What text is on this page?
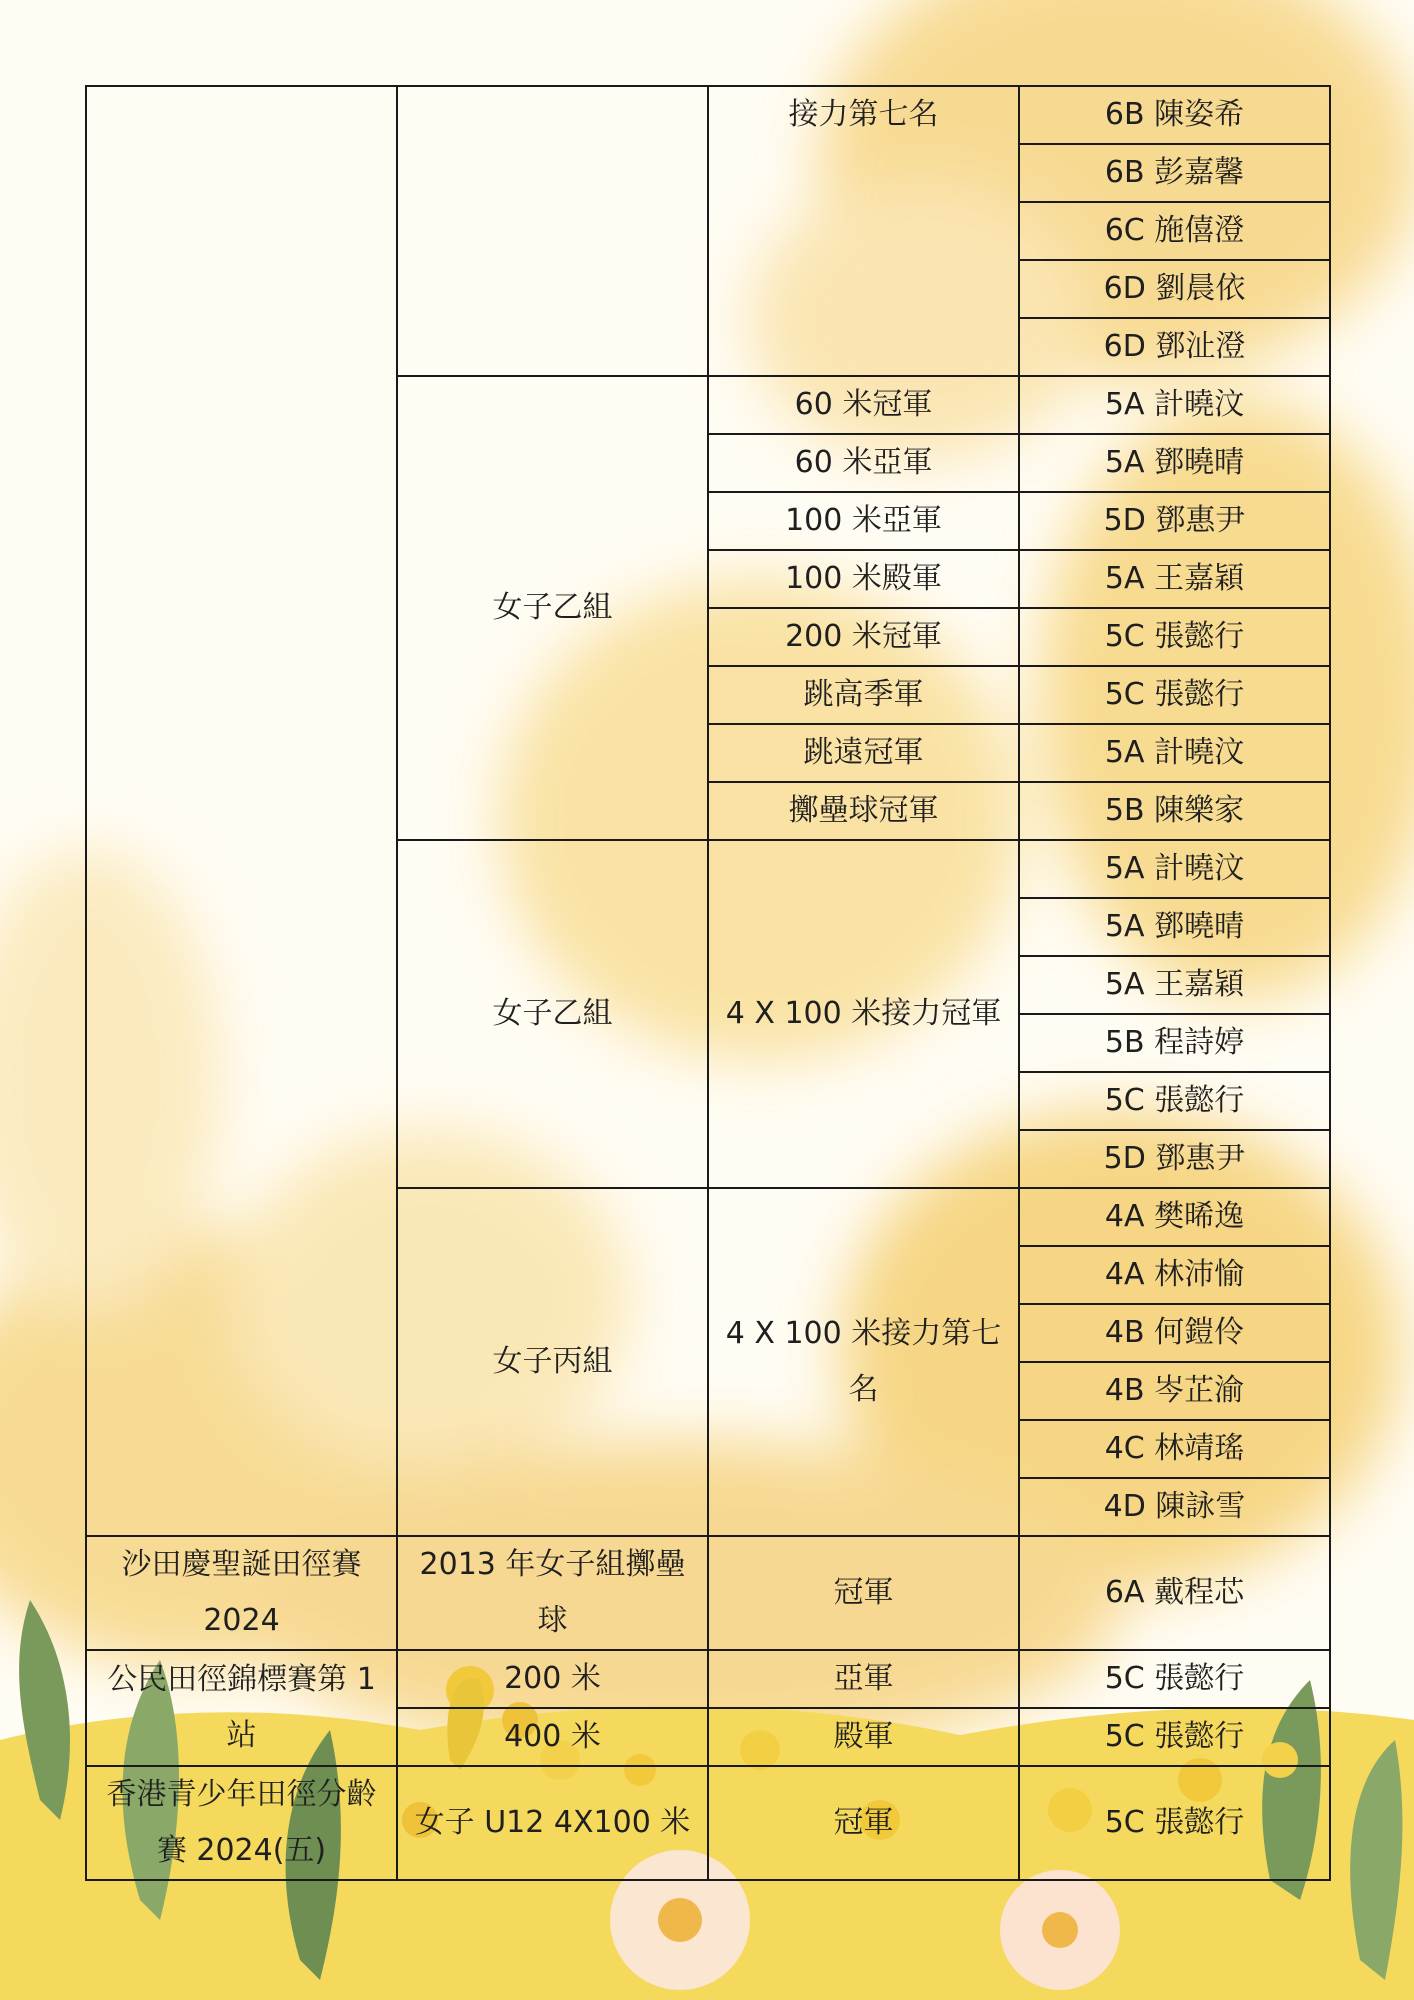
		接力第七名	6B 陳姿希
			6B 彭嘉馨
			6C 施僖澄
			6D 劉晨依
			6D 鄧沚澄
	女子乙組	60 米冠軍	5A 計曉汶
		60 米亞軍	5A 鄧曉晴
		100 米亞軍	5D 鄧惠尹
		100 米殿軍	5A 王嘉穎
		200 米冠軍	5C 張懿行
		跳高季軍	5C 張懿行
		跳遠冠軍	5A 計曉汶
		擲壘球冠軍	5B 陳樂家
	女子乙組	4 X 100 米接力冠軍	5A 計曉汶
			5A 鄧曉晴
			5A 王嘉穎
			5B 程詩婷
			5C 張懿行
			5D 鄧惠尹
	女子丙組	4 X 100 米接力第七名	4A 樊晞逸
			4A 林沛愉
			4B 何鎧伶
			4B 岑芷渝
			4C 林靖瑤
			4D 陳詠雪
沙田慶聖誕田徑賽 2024	2013 年女子組擲壘球	冠軍	6A 戴程芯
公民田徑錦標賽第 1 站	200 米	亞軍	5C 張懿行
	400 米	殿軍	5C 張懿行
香港青少年田徑分齡賽 2024(五)	女子 U12 4X100 米	冠軍	5C 張懿行
